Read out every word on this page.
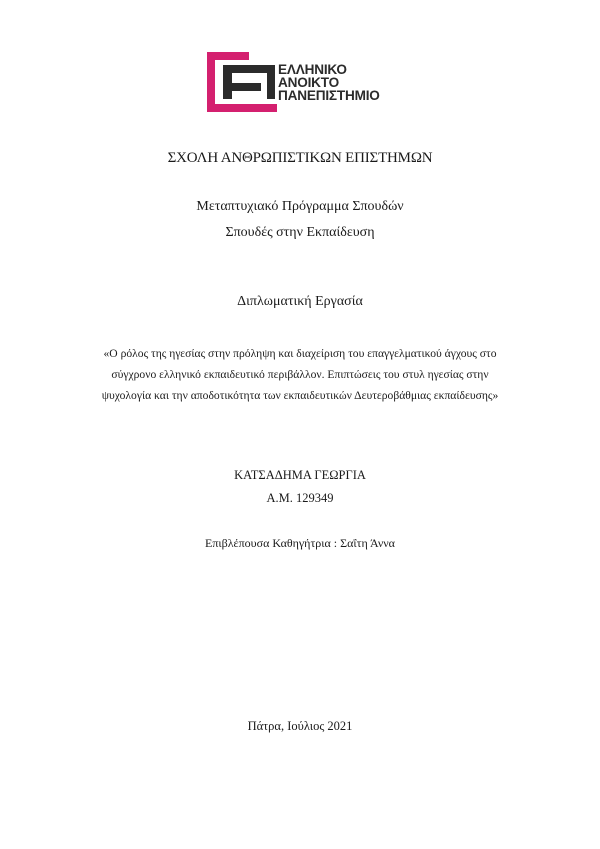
ΕΛΛΗΝΙΚΟ
ΑΝΟΙΚΤΟ
ΠΑΝΕΠΙΣΤΗΜΙΟ
ΣΧΟΛΗ ΑΝΘΡΩΠΙΣΤΙΚΩΝ ΕΠΙΣΤΗΜΩΝ
Μεταπτυχιακό Πρόγραμμα Σπουδών
Σπουδές στην Εκπαίδευση
Διπλωματική Εργασία
«Ο ρόλος της ηγεσίας στην πρόληψη και διαχείριση του επαγγελματικού άγχους στο
σύγχρονο ελληνικό εκπαιδευτικό περιβάλλον. Επιπτώσεις του στυλ ηγεσίας στην
ψυχολογία και την αποδοτικότητα των εκπαιδευτικών Δευτεροβάθμιας εκπαίδευσης»
ΚΑΤΣΑΔΗΜΑ ΓΕΩΡΓΙΑ
Α.Μ. 129349
Επιβλέπουσα Καθηγήτρια : Σαΐτη Άννα
Πάτρα, Ιούλιος 2021
